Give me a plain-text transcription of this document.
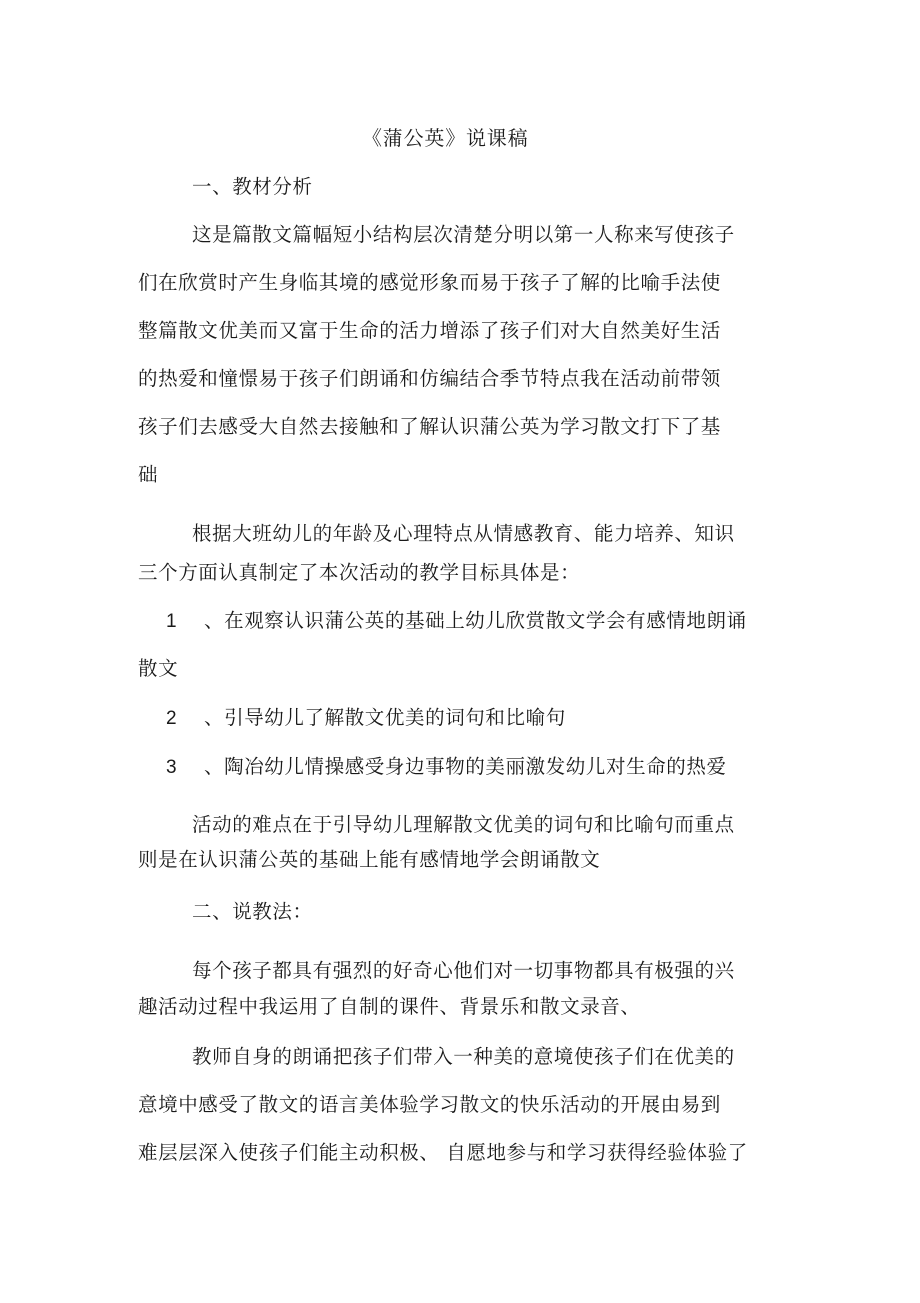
《蒲公英》说课稿
一、教材分析
这是篇散文篇幅短小结构层次清楚分明以第一人称来写使孩子
们在欣赏时产生身临其境的感觉形象而易于孩子了解的比喻手法使
整篇散文优美而又富于生命的活力增添了孩子们对大自然美好生活
的热爱和憧憬易于孩子们朗诵和仿编结合季节特点我在活动前带领
孩子们去感受大自然去接触和了解认识蒲公英为学习散文打下了基
础
根据大班幼儿的年龄及心理特点从情感教育、能力培养、知识
三个方面认真制定了本次活动的教学目标具体是：
1 、在观察认识蒲公英的基础上幼儿欣赏散文学会有感情地朗诵
散文
2 、引导幼儿了解散文优美的词句和比喻句
3 、陶冶幼儿情操感受身边事物的美丽激发幼儿对生命的热爱
活动的难点在于引导幼儿理解散文优美的词句和比喻句而重点
则是在认识蒲公英的基础上能有感情地学会朗诵散文
二、说教法：
每个孩子都具有强烈的好奇心他们对一切事物都具有极强的兴
趣活动过程中我运用了自制的课件、背景乐和散文录音、
教师自身的朗诵把孩子们带入一种美的意境使孩子们在优美的
意境中感受了散文的语言美体验学习散文的快乐活动的开展由易到
难层层深入使孩子们能主动积极、 自愿地参与和学习获得经验体验了
